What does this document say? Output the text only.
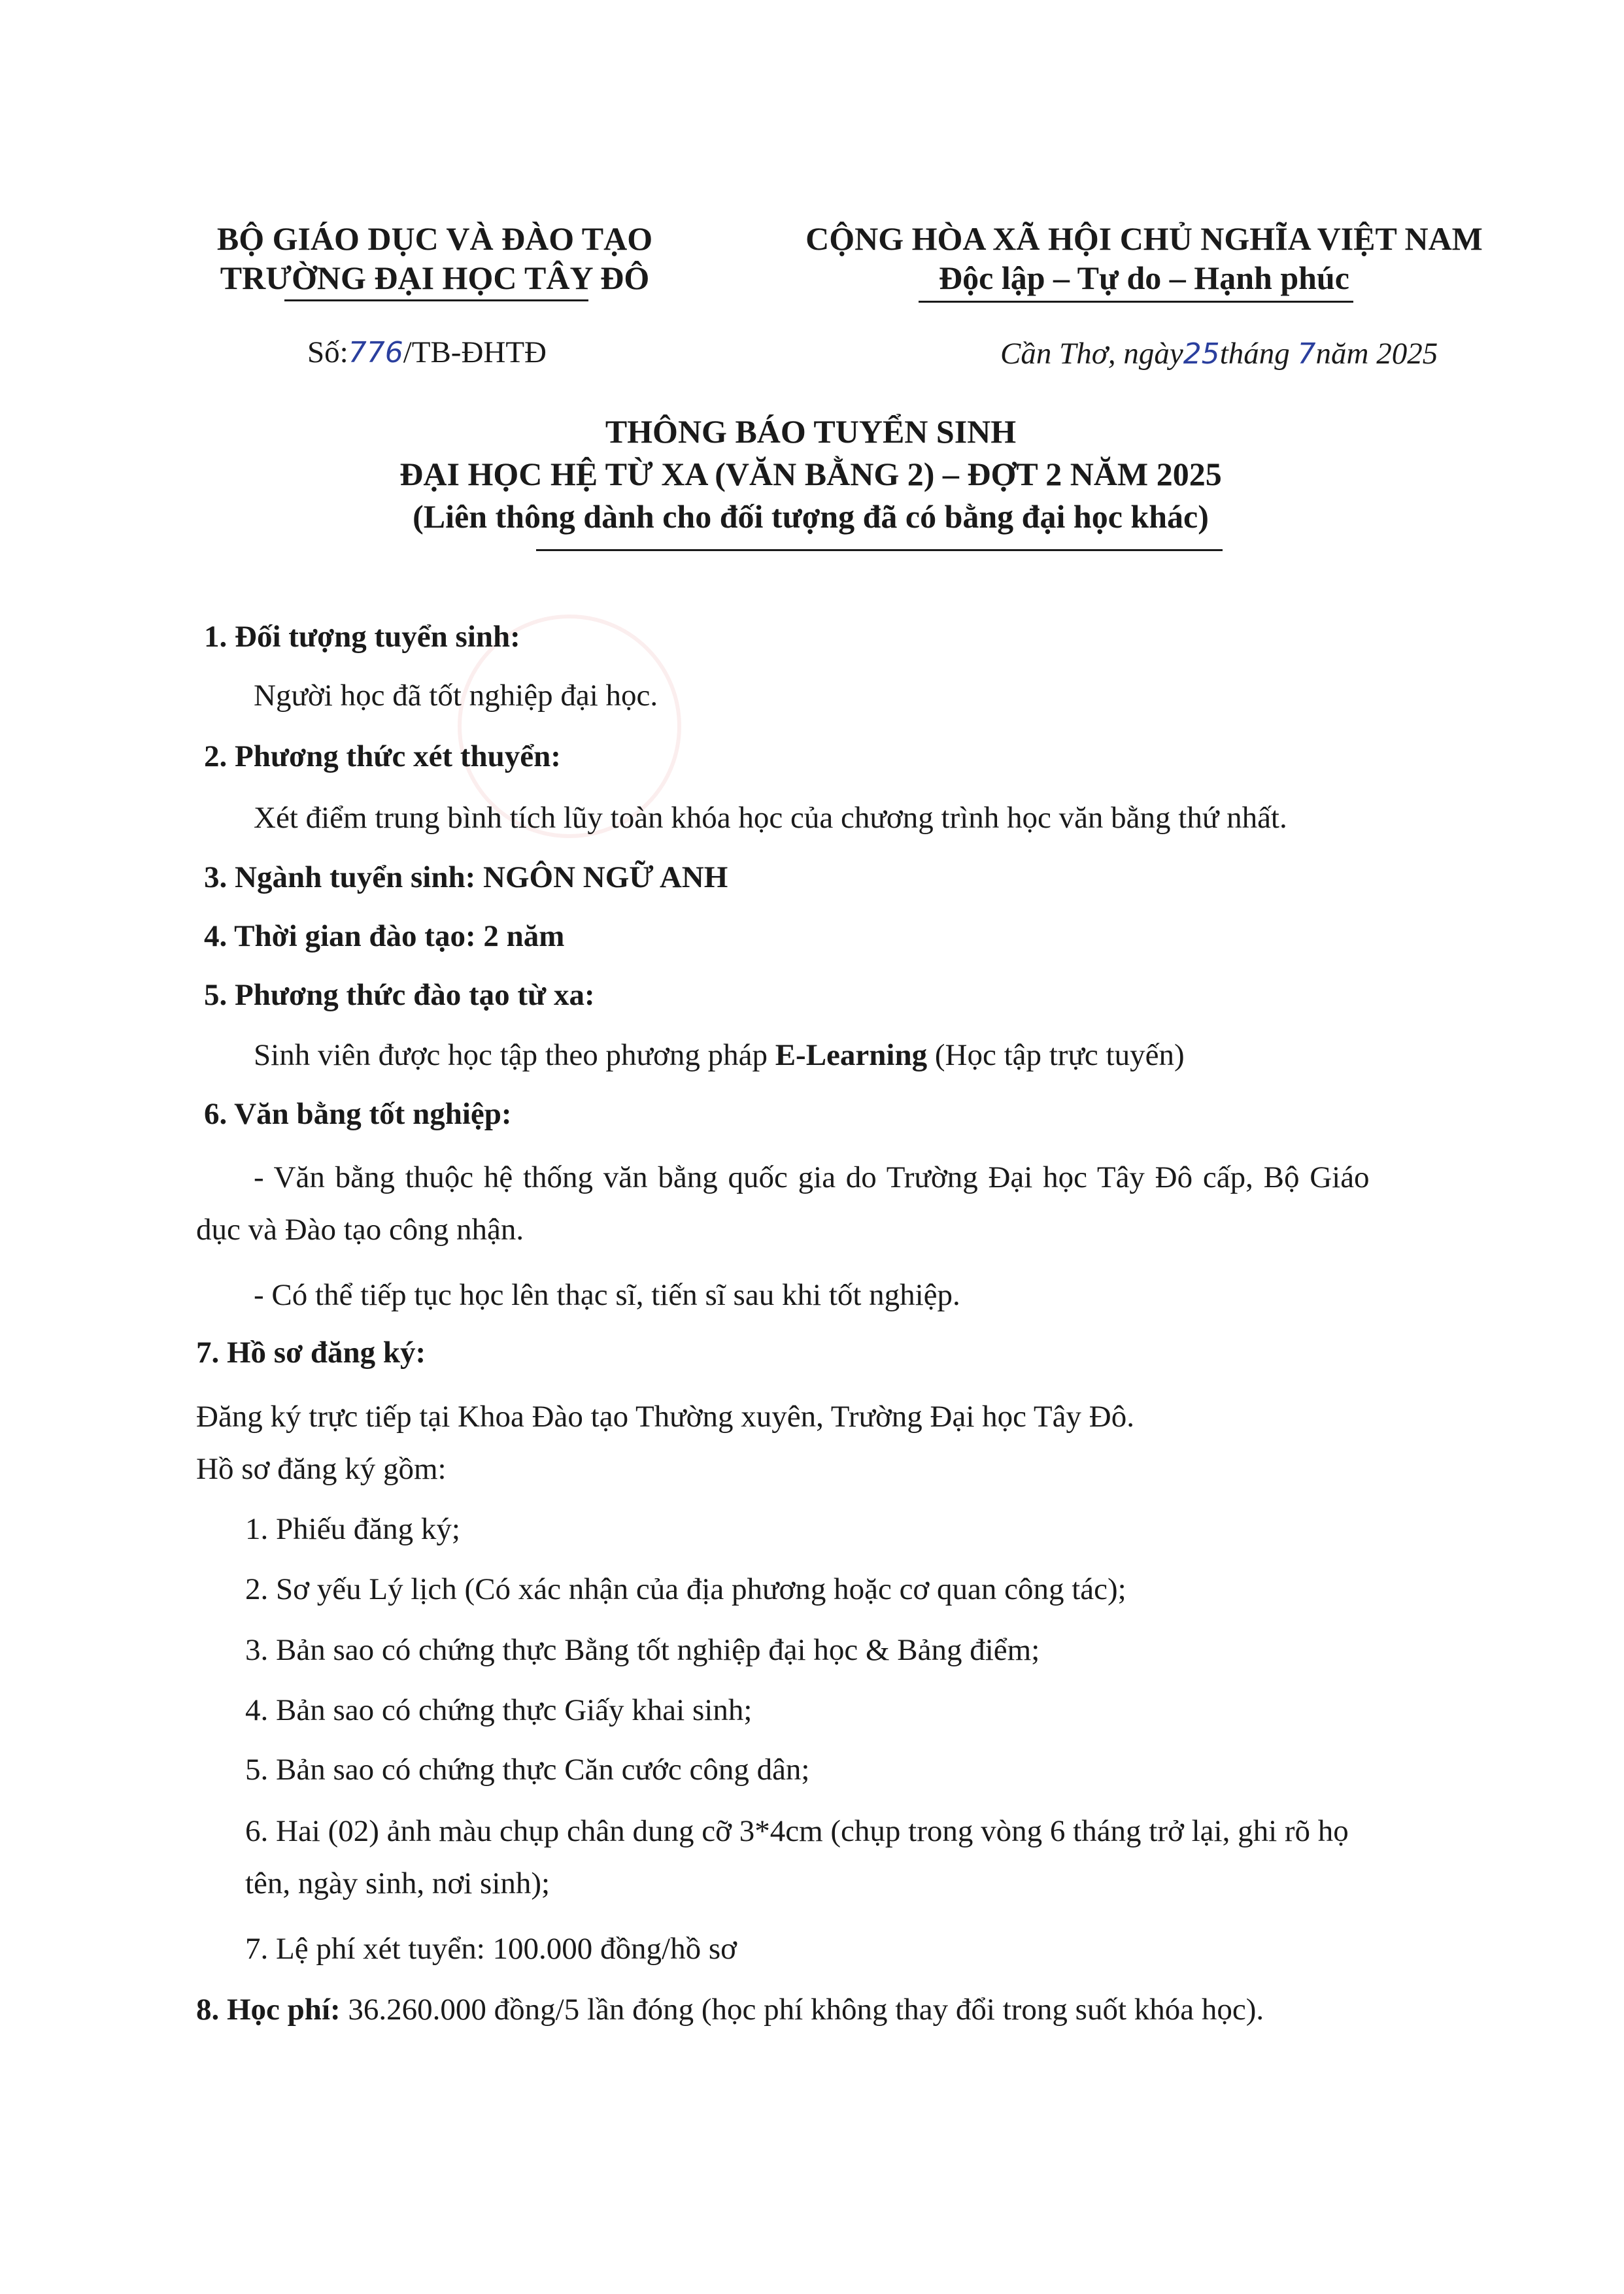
BỘ GIÁO DỤC VÀ ĐÀO TẠO
TRƯỜNG ĐẠI HỌC TÂY ĐÔ
CỘNG HÒA XÃ HỘI CHỦ NGHĨA VIỆT NAM
Độc lập – Tự do – Hạnh phúc
Số:776/TB-ĐHTĐ	Cần Thơ, ngày25tháng 7năm 2025
THÔNG BÁO TUYỂN SINH
ĐẠI HỌC HỆ TỪ XA (VĂN BẰNG 2) – ĐỢT 2 NĂM 2025
(Liên thông dành cho đối tượng đã có bằng đại học khác)
1. Đối tượng tuyển sinh:
Người học đã tốt nghiệp đại học.
2. Phương thức xét thuyển:
Xét điểm trung bình tích lũy toàn khóa học của chương trình học văn bằng thứ nhất.
3. Ngành tuyển sinh: NGÔN NGỮ ANH
4. Thời gian đào tạo: 2 năm
5. Phương thức đào tạo từ xa:
Sinh viên được học tập theo phương pháp E-Learning (Học tập trực tuyến)
6. Văn bằng tốt nghiệp:
- Văn bằng thuộc hệ thống văn bằng quốc gia do Trường Đại học Tây Đô cấp, Bộ Giáo
dục và Đào tạo công nhận.
- Có thể tiếp tục học lên thạc sĩ, tiến sĩ sau khi tốt nghiệp.
7. Hồ sơ đăng ký:
Đăng ký trực tiếp tại Khoa Đào tạo Thường xuyên, Trường Đại học Tây Đô.
Hồ sơ đăng ký gồm:
1. Phiếu đăng ký;
2. Sơ yếu Lý lịch (Có xác nhận của địa phương hoặc cơ quan công tác);
3. Bản sao có chứng thực Bằng tốt nghiệp đại học & Bảng điểm;
4. Bản sao có chứng thực Giấy khai sinh;
5. Bản sao có chứng thực Căn cước công dân;
6. Hai (02) ảnh màu chụp chân dung cỡ 3*4cm (chụp trong vòng 6 tháng trở lại, ghi rõ họ
tên, ngày sinh, nơi sinh);
7. Lệ phí xét tuyển: 100.000 đồng/hồ sơ
8. Học phí: 36.260.000 đồng/5 lần đóng (học phí không thay đổi trong suốt khóa học).
